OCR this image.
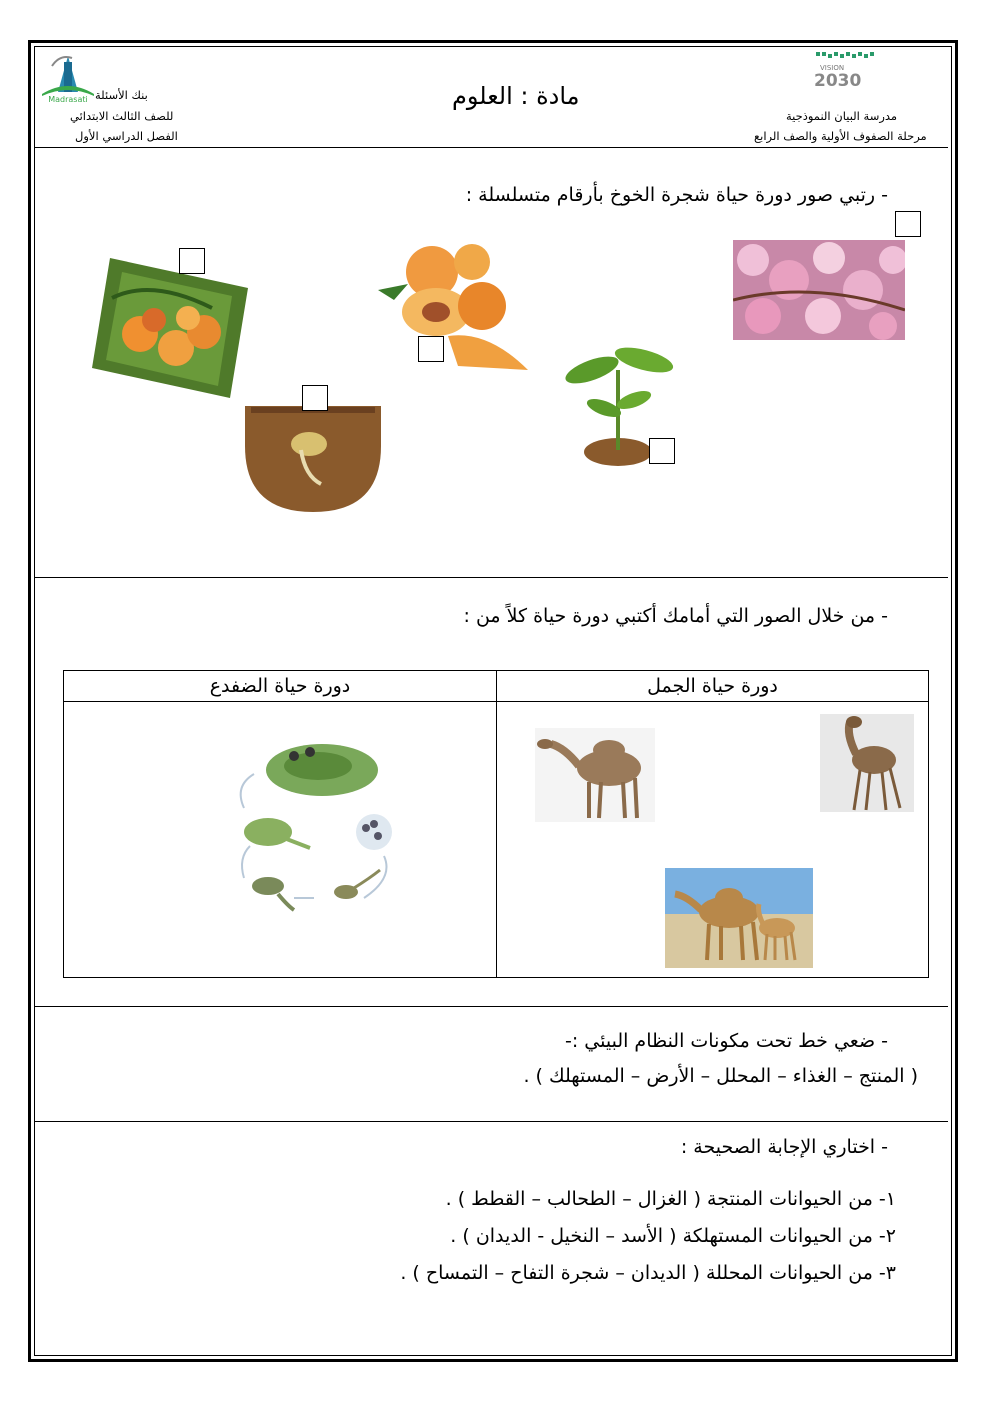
Madrasati بنك الأسئلة
للصف الثالث الابتدائي
الفصل الدراسي الأول
مادة : العلوم
VISION
2030
مدرسة البيان النموذجية
مرحلة الصفوف الأولية والصف الرابع
- رتبي صور دورة حياة شجرة الخوخ بأرقام متسلسلة :
- من خلال الصور التي أمامك أكتبي دورة حياة كلاً من :
دورة حياة الضفدع	دورة حياة الجمل

- ضعي خط تحت مكونات النظام البيئي :-
( المنتج – الغذاء – المحلل – الأرض – المستهلك ) .
- اختاري الإجابة الصحيحة :
١- من الحيوانات المنتجة ( الغزال – الطحالب – القطط ) .
٢- من الحيوانات المستهلكة ( الأسد – النخيل - الديدان ) .
٣- من الحيوانات المحللة ( الديدان – شجرة التفاح – التمساح ) .
